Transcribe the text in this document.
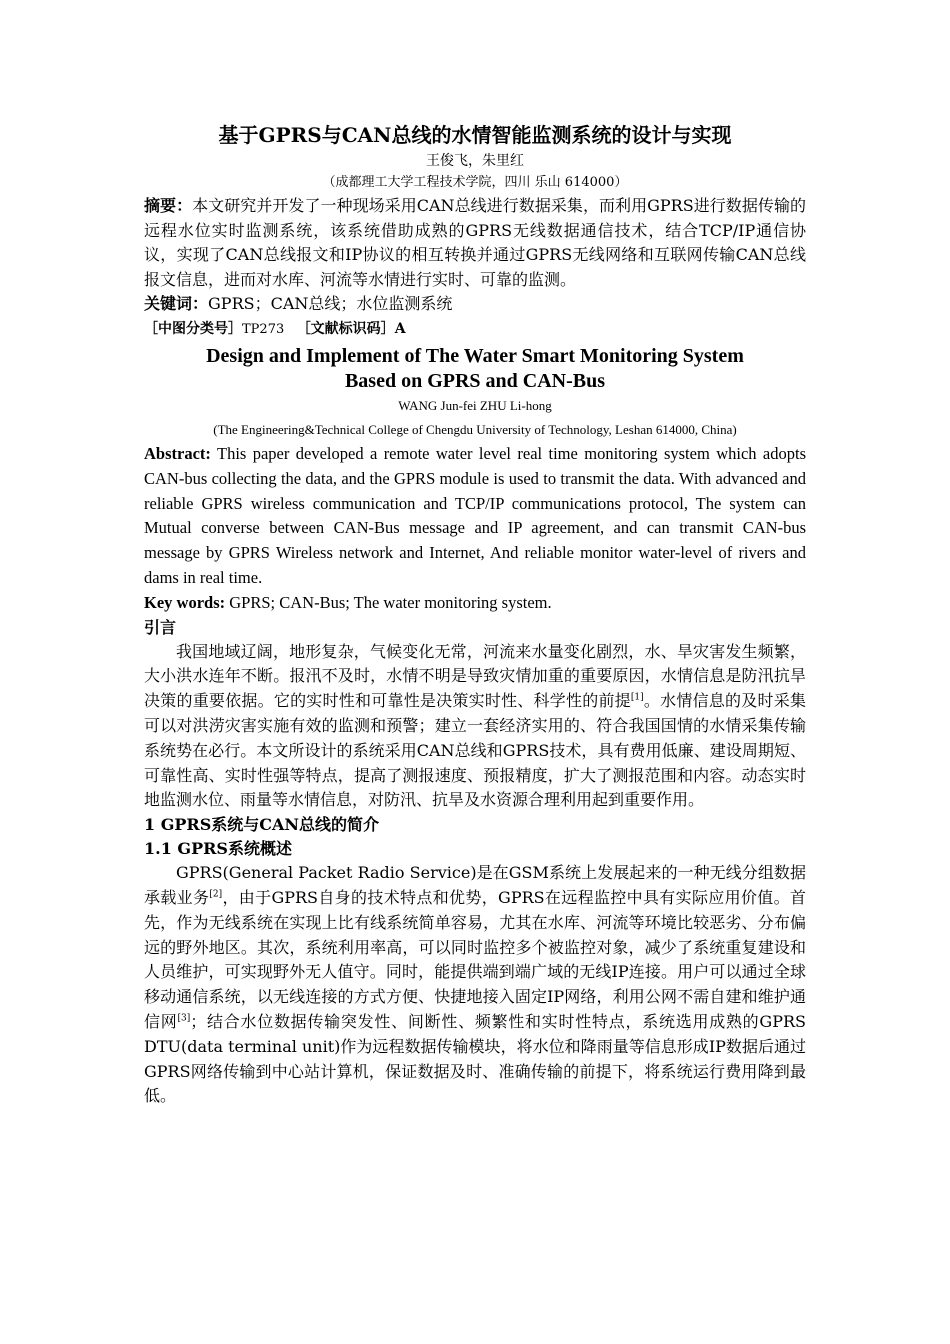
基于GPRS与CAN总线的水情智能监测系统的设计与实现
王俊飞，朱里红
（成都理工大学工程技术学院，四川 乐山 614000）

摘要：本文研究并开发了一种现场采用CAN总线进行数据采集，而利用GPRS进行数据传输的远程水位实时监测系统，该系统借助成熟的GPRS无线数据通信技术，结合TCP/IP通信协议，实现了CAN总线报文和IP协议的相互转换并通过GPRS无线网络和互联网传输CAN总线报文信息，进而对水库、河流等水情进行实时、可靠的监测。

关键词：GPRS；CAN总线；水位监测系统

［中图分类号］TP273 ［文献标识码］A

Design and Implement of The Water Smart Monitoring System
Based on GPRS and CAN-Bus
WANG Jun-fei ZHU Li-hong
(The Engineering&Technical College of Chengdu University of Technology, Leshan 614000, China)

Abstract: This paper developed a remote water level real time monitoring system which adopts CAN-bus collecting the data, and the GPRS module is used to transmit the data. With advanced and reliable GPRS wireless communication and TCP/IP communications protocol, The system can Mutual converse between CAN-Bus message and IP agreement, and can transmit CAN-bus message by GPRS Wireless network and Internet, And reliable monitor water-level of rivers and dams in real time.

Key words: GPRS; CAN-Bus; The water monitoring system.

引言

我国地域辽阔，地形复杂，气候变化无常，河流来水量变化剧烈，水、旱灾害发生频繁，大小洪水连年不断。报汛不及时，水情不明是导致灾情加重的重要原因，水情信息是防汛抗旱决策的重要依据。它的实时性和可靠性是决策实时性、科学性的前提[1]。水情信息的及时采集可以对洪涝灾害实施有效的监测和预警；建立一套经济实用的、符合我国国情的水情采集传输系统势在必行。本文所设计的系统采用CAN总线和GPRS技术，具有费用低廉、建设周期短、可靠性高、实时性强等特点，提高了测报速度、预报精度，扩大了测报范围和内容。动态实时地监测水位、雨量等水情信息，对防汛、抗旱及水资源合理利用起到重要作用。

1 GPRS系统与CAN总线的简介

1.1 GPRS系统概述

GPRS(General Packet Radio Service)是在GSM系统上发展起来的一种无线分组数据承载业务[2]，由于GPRS自身的技术特点和优势，GPRS在远程监控中具有实际应用价值。首先，作为无线系统在实现上比有线系统简单容易，尤其在水库、河流等环境比较恶劣、分布偏远的野外地区。其次，系统利用率高，可以同时监控多个被监控对象，减少了系统重复建设和人员维护，可实现野外无人值守。同时，能提供端到端广域的无线IP连接。用户可以通过全球移动通信系统，以无线连接的方式方便、快捷地接入固定IP网络，利用公网不需自建和维护通信网[3]；结合水位数据传输突发性、间断性、频繁性和实时性特点，系统选用成熟的GPRS DTU(data terminal unit)作为远程数据传输模块，将水位和降雨量等信息形成IP数据后通过GPRS网络传输到中心站计算机，保证数据及时、准确传输的前提下，将系统运行费用降到最低。
